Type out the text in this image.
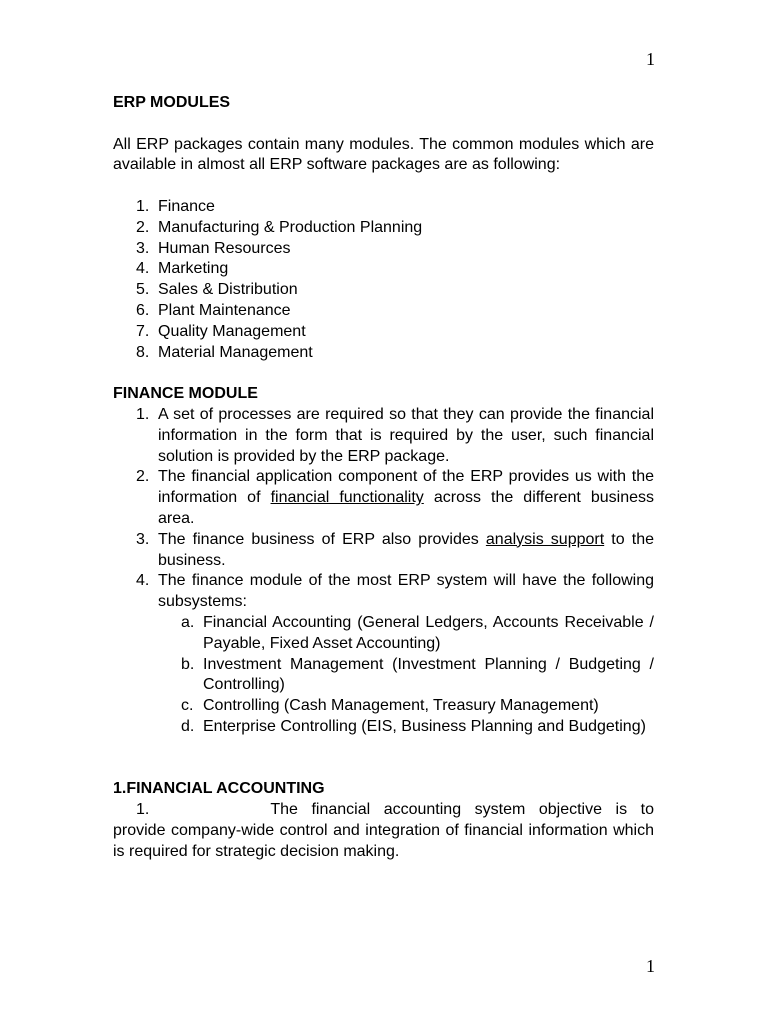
1
ERP MODULES
All ERP packages contain many modules. The common modules which are available in almost all ERP software packages are as following:
1. Finance
2. Manufacturing & Production Planning
3. Human Resources
4. Marketing
5. Sales & Distribution
6. Plant Maintenance
7. Quality Management
8. Material Management
FINANCE MODULE
1. A set of processes are required so that they can provide the financial information in the form that is required by the user, such financial solution is provided by the ERP package.
2. The financial application component of the ERP provides us with the information of financial functionality across the different business area.
3. The finance business of ERP also provides analysis support to the business.
4. The finance module of the most ERP system will have the following subsystems:
a. Financial Accounting (General Ledgers, Accounts Receivable / Payable, Fixed Asset Accounting)
b. Investment Management (Investment Planning / Budgeting / Controlling)
c. Controlling (Cash Management, Treasury Management)
d. Enterprise Controlling (EIS, Business Planning and Budgeting)
1.FINANCIAL ACCOUNTING
1.	The financial accounting system objective is to provide company-wide control and integration of financial information which is required for strategic decision making.
1
